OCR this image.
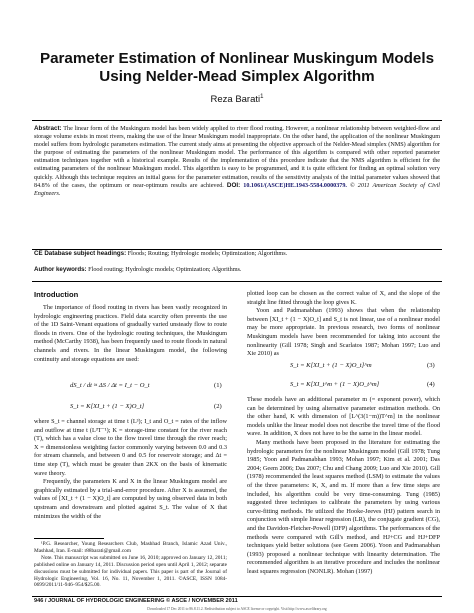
Parameter Estimation of Nonlinear Muskingum Models Using Nelder-Mead Simplex Algorithm
Reza Barati$^1$
Abstract: The linear form of the Muskingum model has been widely applied to river flood routing. However, a nonlinear relationship between weighted-flow and storage volume exists in most rivers, making the use of the linear Muskingum model inappropriate. On the other hand, the application of the nonlinear Muskingum model suffers from hydrologic parameters estimation. The current study aims at presenting the objective approach of the Nelder-Mead simplex (NMS) algorithm for the purpose of estimating the parameters of the nonlinear Muskingum model. The performance of this algorithm is compared with other reported parameter estimation techniques together with a historical example. Results of the implementation of this procedure indicate that the NMS algorithm is efficient for the estimating parameters of the nonlinear Muskingum model. This algorithm is easy to be programmed, and it is quite efficient for finding an optimal solution very quickly. Although this technique requires an initial guess for the parameter estimation, results of the sensitivity analysis of the initial parameter values showed that 84.8% of the cases, the optimum or near-optimum results are achieved. DOI: 10.1061/(ASCE)HE.1943-5584.0000379. © 2011 American Society of Civil Engineers.
CE Database subject headings: Floods; Routing; Hydrologic models; Optimization; Algorithms.
Author keywords: Flood routing; Hydrologic models; Optimization; Algorithms.
Introduction

The importance of flood routing in rivers has been vastly recognized in hydrologic engineering practices. Field data scarcity often prevents the use of the 1D Saint-Venant equations of gradually varied unsteady flow to route floods in rivers. One of the hydrologic routing techniques, the Muskingum method (McCarthy 1938), has been frequently used to route floods in natural channels and rivers. In the linear Muskingum model, the following continuity and storage equations are used:

dS_t / dt ≈ ΔS / Δt = I_t − O_t	(1)
S_t = K[XI_t + (1 − X)O_t]	(2)

where S_t = channel storage at time t (L³); I_t and O_t = rates of the inflow and outflow at time t (L³T⁻¹); K = storage-time constant for the river reach (T), which has a value close to the flow travel time through the river reach; X = dimensionless weighting factor commonly varying between 0.0 and 0.3 for stream channels, and between 0 and 0.5 for reservoir storage; and Δt = time step (T), which must be greater than 2KX on the basis of kinematic wave theory.

Frequently, the parameters K and X in the linear Muskingum model are graphically estimated by a trial-and-error procedure. After X is assumed, the values of [XI_t + (1 − X)O_t] are computed by using observed data in both upstream and downstream and plotted against S_t. The value of X that minimizes the width of the

¹P.G. Researcher, Young Researchers Club, Mashhad Branch, Islamic Azad Univ., Mashhad, Iran. E-mail: r88barati@gmail.com

Note. This manuscript was submitted on June 16, 2010; approved on January 12, 2011; published online on January 14, 2011. Discussion period open until April 1, 2012; separate discussions must be submitted for individual papers. This paper is part of the Journal of Hydrologic Engineering, Vol. 16, No. 11, November 1, 2011. ©ASCE, ISSN 1084-0699/2011/11-946–954/$25.00.

plotted loop can be chosen as the correct value of X, and the slope of the straight line fitted through the loop gives K.

Yoon and Padmanabhan (1993) shows that when the relationship between [XI_t + (1 − X)O_t] and S_t is not linear, use of a nonlinear model may be more appropriate. In previous research, two forms of nonlinear Muskingum models have been recommended for taking into account the nonlinearity (Gill 1978; Singh and Scarlatos 1987; Mohan 1997; Luo and Xie 2010) as

S_t = K[XI_t + (1 − X)O_t]^m	(3)
S_t = K[XI_t^m + (1 − X)O_t^m]	(4)

These models have an additional parameter m (= exponent power), which can be determined by using alternative parameter estimation methods. On the other hand, K with dimension of [L^(3(1−m))T^m] in the nonlinear models unlike the linear model does not describe the travel time of the flood wave. In addition, X does not have to be the same in the linear model.

Many methods have been proposed in the literature for estimating the hydrologic parameters for the nonlinear Muskingum model (Gill 1978; Tung 1985; Yoon and Padmanabhan 1993; Mohan 1997; Kim et al. 2001; Das 2004; Geem 2006; Das 2007; Chu and Chang 2009; Luo and Xie 2010). Gill (1978) recommended the least squares method (LSM) to estimate the values of the three parameters: K, X, and m. If more than a few time steps are included, his algorithm could be very time-consuming. Tung (1985) suggested three techniques to calibrate the parameters by using various curve-fitting methods. He utilized the Hooke-Jeeves (HJ) pattern search in conjunction with simple linear regression (LR), the conjugate gradient (CG), and the Davidon-Fletcher-Powell (DFP) algorithms. The performances of the methods were compared with Gill's method, and HJ+CG and HJ+DFP techniques yield better solutions (see Geem 2006). Yoon and Padmanabhan (1993) proposed a nonlinear technique with linearity determination. The recommended algorithm is an iterative procedure and includes the nonlinear least squares regression (NONLR). Mohan (1997)

946 / JOURNAL OF HYDROLOGIC ENGINEERING © ASCE / NOVEMBER 2011
Downloaded 17 Dec 2011 to 86.8.11.2. Redistribution subject to ASCE license or copyright. Visit http://www.ascelibrary.org
